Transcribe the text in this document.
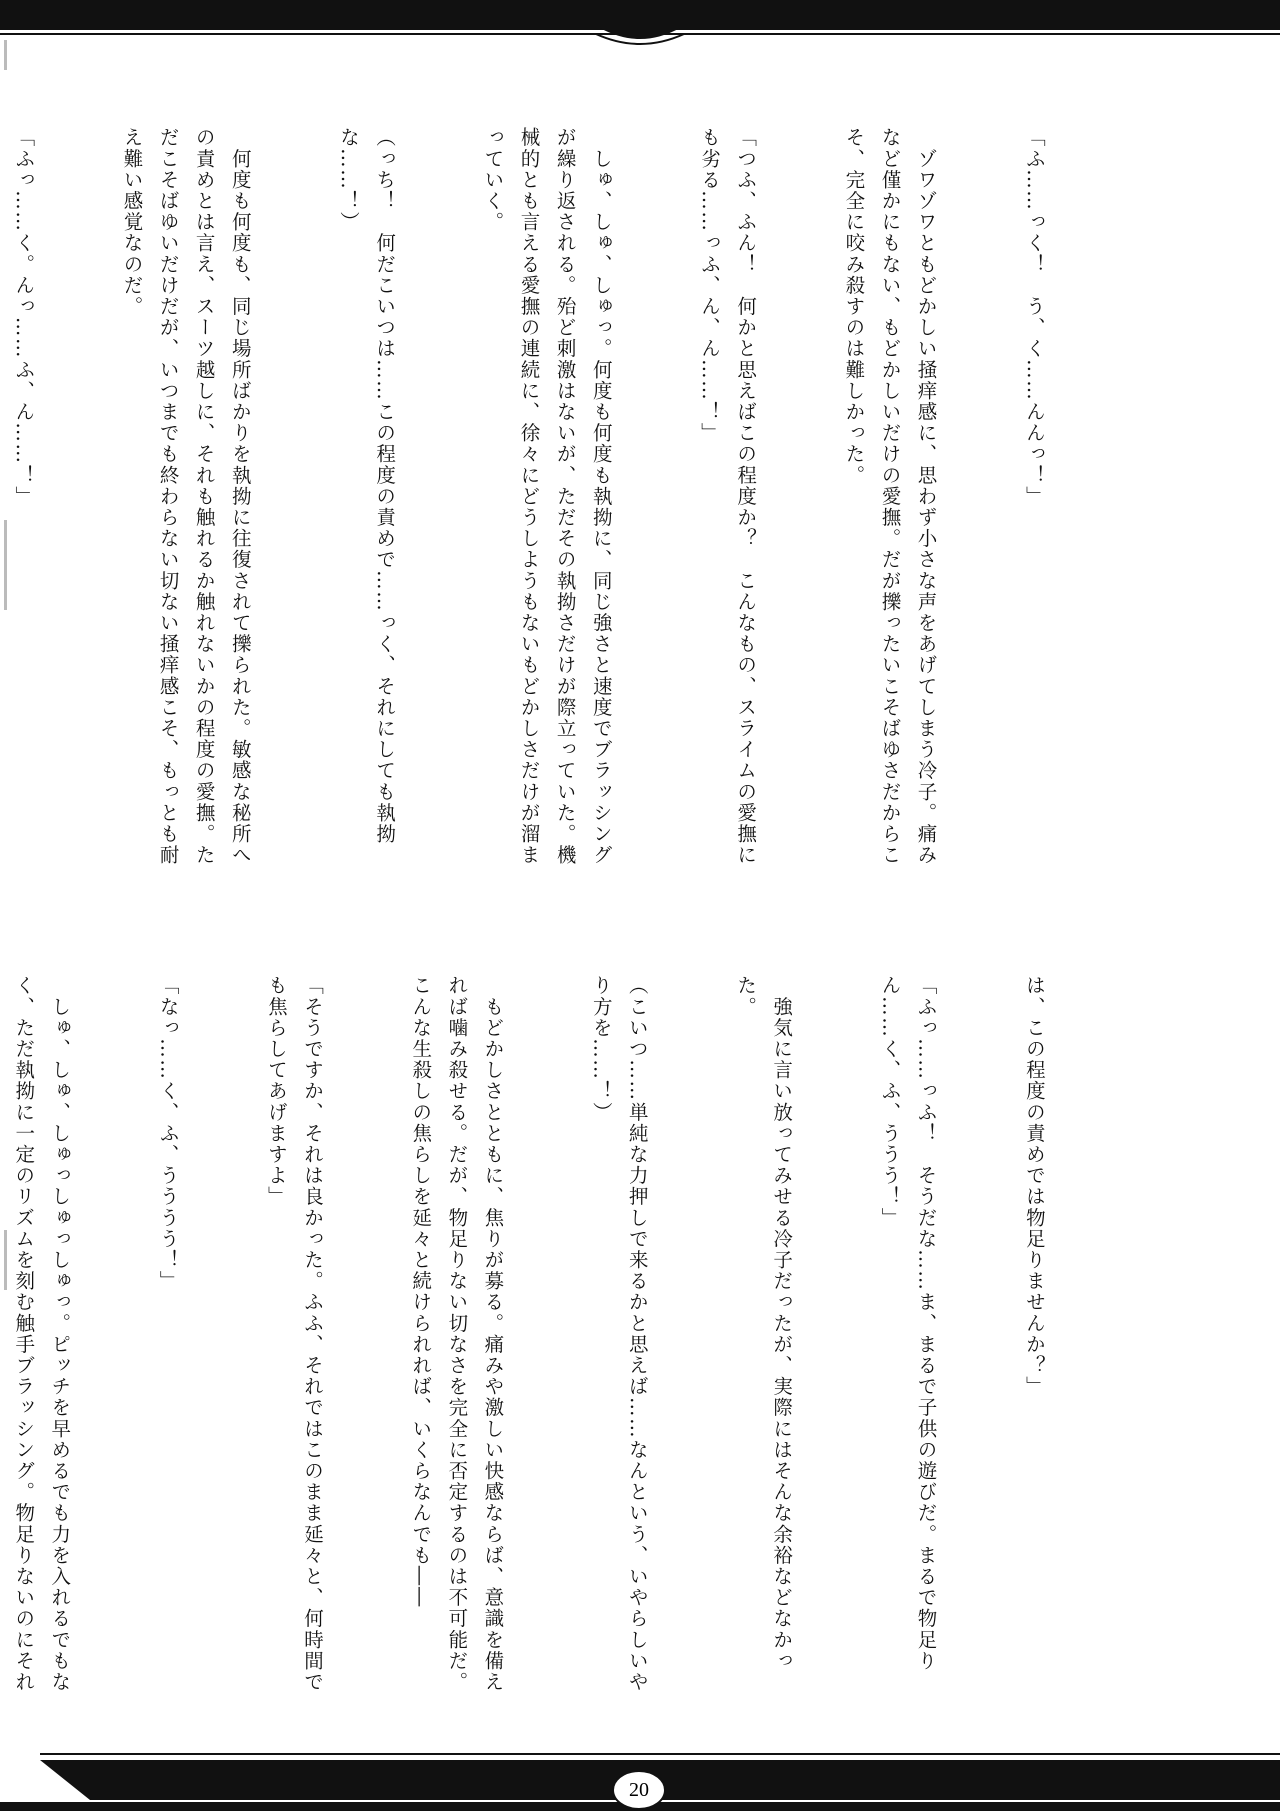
「ふ……っく！　う、く……んんっ！」

　ゾワゾワともどかしい掻痒感に、思わず小さな声をあげてしまう冷子。痛みなど僅かにもない、もどかしいだけの愛撫。だが擽ったいこそばゆさだからこそ、完全に咬み殺すのは難しかった。

「つふ、ふん！　何かと思えばこの程度か？　こんなもの、スライムの愛撫にも劣る……っふ、ん、ん……！」

　しゅ、しゅ、しゅっ。何度も何度も執拗に、同じ強さと速度でブラッシングが繰り返される。殆ど刺激はないが、ただその執拗さだけが際立っていた。機械的とも言える愛撫の連続に、徐々にどうしようもないもどかしさだけが溜まっていく。

（っち！　何だこいつは……この程度の責めで……っく、それにしても執拗な……！）

　何度も何度も、同じ場所ばかりを執拗に往復されて擽られた。敏感な秘所への責めとは言え、スーツ越しに、それも触れるか触れないかの程度の愛撫。ただこそばゆいだけだが、いつまでも終わらない切ない掻痒感こそ、もっとも耐え難い感覚なのだ。

「ふっ……く。んっ……ふ、ん……！」

は、この程度の責めでは物足りませんか？」

「ふっ……っふ！　そうだな……ま、まるで子供の遊びだ。まるで物足りん……く、ふ、ううう！」

　強気に言い放ってみせる冷子だったが、実際にはそんな余裕などなかった。

（こいつ……単純な力押しで来るかと思えば……なんという、いやらしいやり方を……！）

　もどかしさとともに、焦りが募る。痛みや激しい快感ならば、意識を備えれば噛み殺せる。だが、物足りない切なさを完全に否定するのは不可能だ。こんな生殺しの焦らしを延々と続けられれば、いくらなんでも――

「そうですか、それは良かった。ふふ、それではこのまま延々と、何時間でも焦らしてあげますよ」

「なっ……く、ふ、うううう！」

　しゅ、しゅ、しゅっしゅっしゅっ。ピッチを早めるでも力を入れるでもなく、ただ執拗に一定のリズムを刻む触手ブラッシング。物足りないのにそれ

20
